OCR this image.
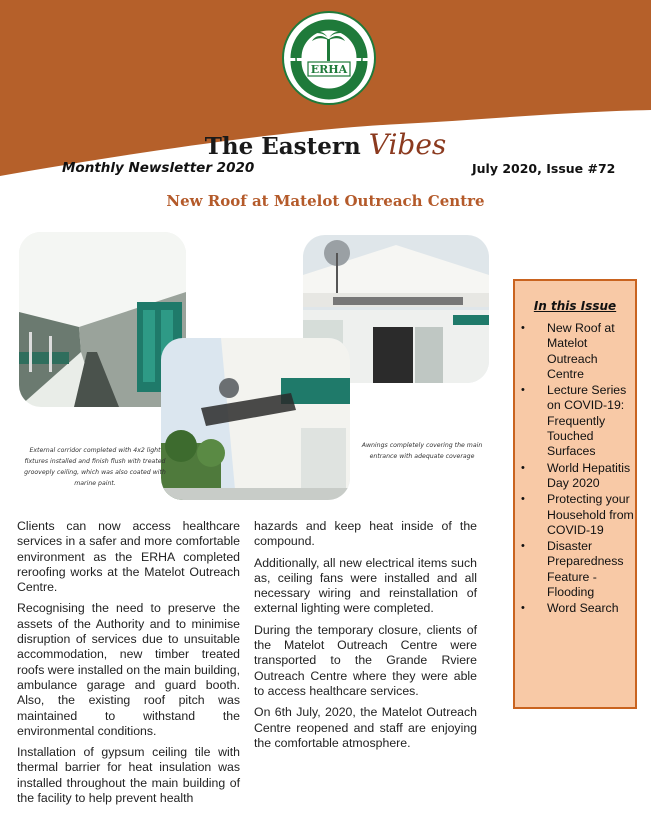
ERHA
The Eastern Vibes
Monthly Newsletter 2020	July 2020, Issue #72
New Roof at Matelot Outreach Centre
External corridor completed with 4x2 light fixtures installed and finish flush with treated grooveply ceiling, which was also coated with marine paint.
Awnings completely covering the main entrance with adequate coverage

Clients can now access healthcare services in a safer and more comfortable environment as the ERHA completed reroofing works at the Matelot Outreach Centre.

Recognising the need to preserve the assets of the Authority and to minimise disruption of services due to unsuitable accommodation, new timber treated roofs were installed on the main building, ambulance garage and guard booth. Also, the existing roof pitch was maintained to withstand the environmental conditions.

Installation of gypsum ceiling tile with thermal barrier for heat insulation was installed throughout the main building of the facility to help prevent health

hazards and keep heat inside of the compound.

Additionally, all new electrical items such as, ceiling fans were installed and all necessary wiring and reinstallation of external lighting were completed.

During the temporary closure, clients of the Matelot Outreach Centre were transported to the Grande Rviere Outreach Centre where they were able to access healthcare services.

On 6th July, 2020, the Matelot Outreach Centre reopened and staff are enjoying the comfortable atmosphere.

In this Issue
• New Roof at Matelot Outreach Centre
• Lecture Series on COVID-19: Frequently Touched Surfaces
• World Hepatitis Day 2020
• Protecting your Household from COVID-19
• Disaster Preparedness Feature - Flooding
• Word Search
